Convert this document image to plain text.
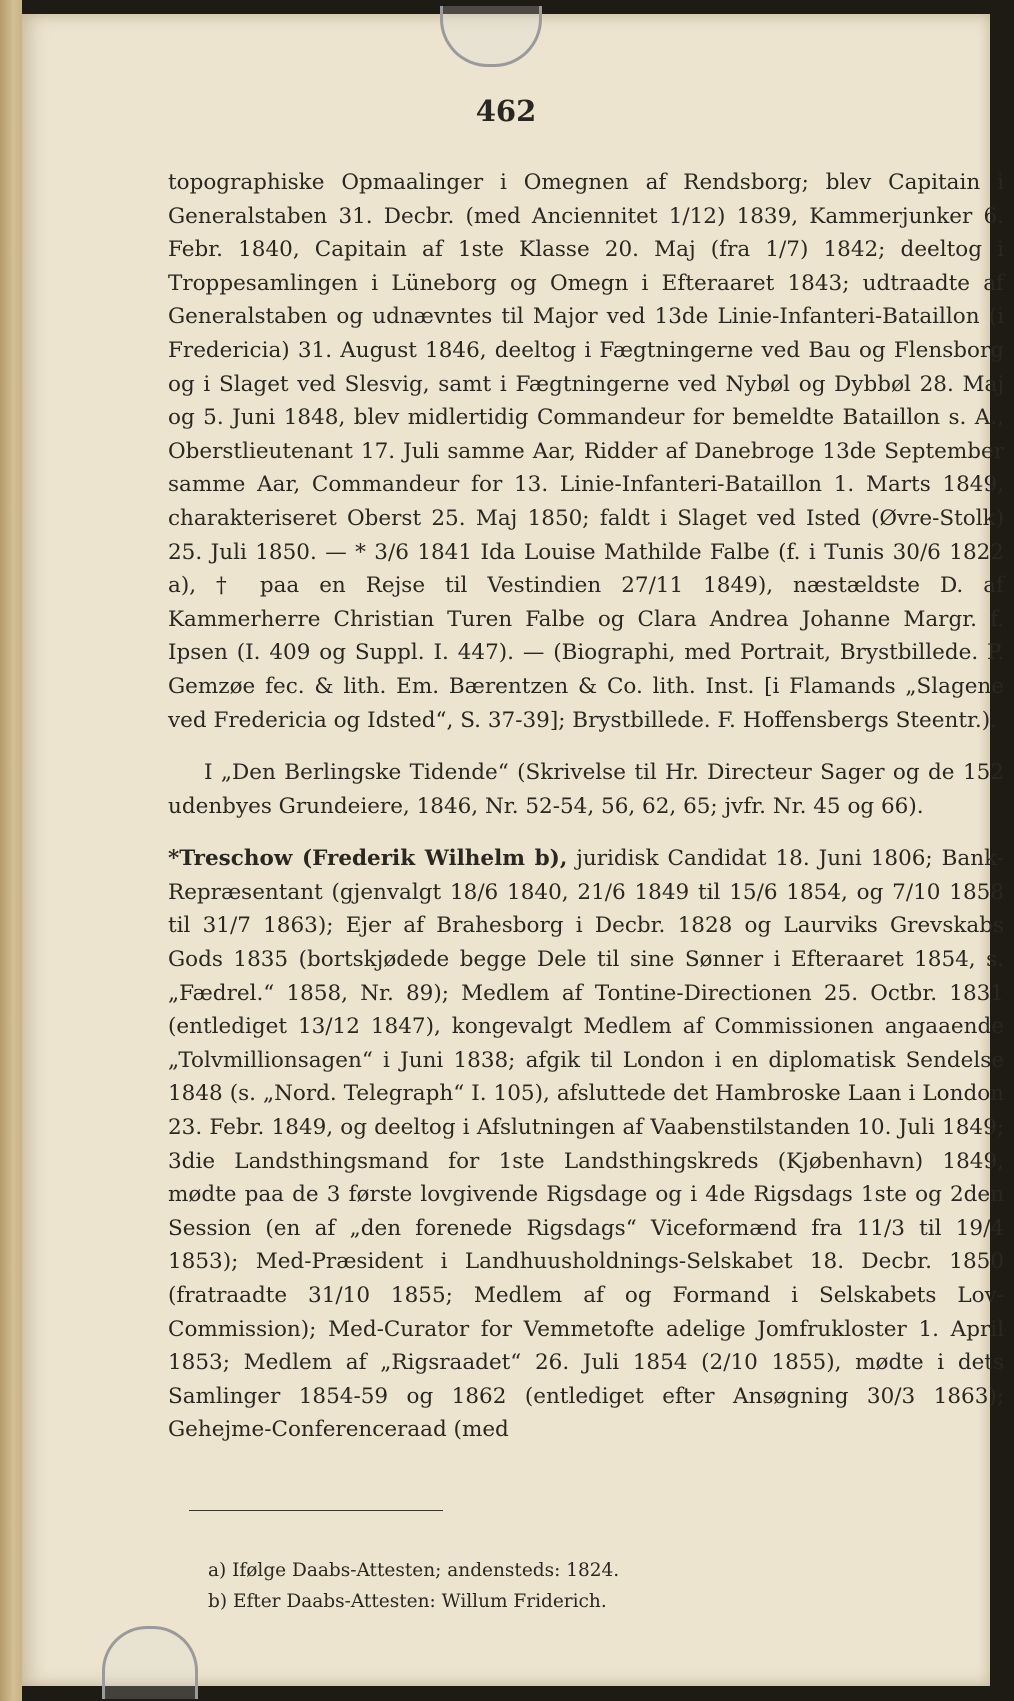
462

topographiske Opmaalinger i Omegnen af Rendsborg; blev Capitain i Generalstaben 31. Decbr. (med Anciennitet 1/12) 1839, Kammerjunker 6. Febr. 1840, Capitain af 1ste Klasse 20. Maj (fra 1/7) 1842; deeltog i Troppesamlingen i Lüneborg og Omegn i Efteraaret 1843; udtraadte af Generalstaben og udnævntes til Major ved 13de Linie-Infanteri-Bataillon (i Fredericia) 31. August 1846, deeltog i Fægtningerne ved Bau og Flensborg og i Slaget ved Slesvig, samt i Fægtningerne ved Nybøl og Dybbøl 28. Maj og 5. Juni 1848, blev midlertidig Commandeur for bemeldte Bataillon s. A., Oberstlieutenant 17. Juli samme Aar, Ridder af Danebroge 13de September samme Aar, Commandeur for 13. Linie-Infanteri-Bataillon 1. Marts 1849, charakteriseret Oberst 25. Maj 1850; faldt i Slaget ved Isted (Øvre-Stolk) 25. Juli 1850. — * 3/6 1841 Ida Louise Mathilde Falbe (f. i Tunis 30/6 1822 a), † paa en Rejse til Vestindien 27/11 1849), næstældste D. af Kammerherre Christian Turen Falbe og Clara Andrea Johanne Margr. f. Ipsen (I. 409 og Suppl. I. 447). — (Biographi, med Portrait, Brystbillede. P. Gemzøe fec. & lith. Em. Bærentzen & Co. lith. Inst. [i Flamands „Slagene ved Fredericia og Idsted“, S. 37-39]; Brystbillede. F. Hoffensbergs Steentr.).

I „Den Berlingske Tidende“ (Skrivelse til Hr. Directeur Sager og de 152 udenbyes Grundeiere, 1846, Nr. 52-54, 56, 62, 65; jvfr. Nr. 45 og 66).

*Treschow (Frederik Wilhelm b), juridisk Candidat 18. Juni 1806; Bank-Repræsentant (gjenvalgt 18/6 1840, 21/6 1849 til 15/6 1854, og 7/10 1858 til 31/7 1863); Ejer af Brahesborg i Decbr. 1828 og Laurviks Grevskabs Gods 1835 (bortskjødede begge Dele til sine Sønner i Efteraaret 1854, s. „Fædrel.“ 1858, Nr. 89); Medlem af Tontine-Directionen 25. Octbr. 1831 (entlediget 13/12 1847), kongevalgt Medlem af Commissionen angaaende „Tolvmillionsagen“ i Juni 1838; afgik til London i en diplomatisk Sendelse 1848 (s. „Nord. Telegraph“ I. 105), afsluttede det Hambroske Laan i London 23. Febr. 1849, og deeltog i Afslutningen af Vaabenstilstanden 10. Juli 1849; 3die Landsthingsmand for 1ste Landsthingskreds (Kjøbenhavn) 1849, mødte paa de 3 første lovgivende Rigsdage og i 4de Rigsdags 1ste og 2den Session (en af „den forenede Rigsdags“ Viceformænd fra 11/3 til 19/4 1853); Med-Præsident i Landhuusholdnings-Selskabet 18. Decbr. 1850 (fratraadte 31/10 1855; Medlem af og Formand i Selskabets Lov-Commission); Med-Curator for Vemmetofte adelige Jomfrukloster 1. April 1853; Medlem af „Rigsraadet“ 26. Juli 1854 (2/10 1855), mødte i dets Samlinger 1854-59 og 1862 (entlediget efter Ansøgning 30/3 1863); Gehejme-Conferenceraad (med

a) Ifølge Daabs-Attesten; andensteds: 1824.

b) Efter Daabs-Attesten: Willum Friderich.
